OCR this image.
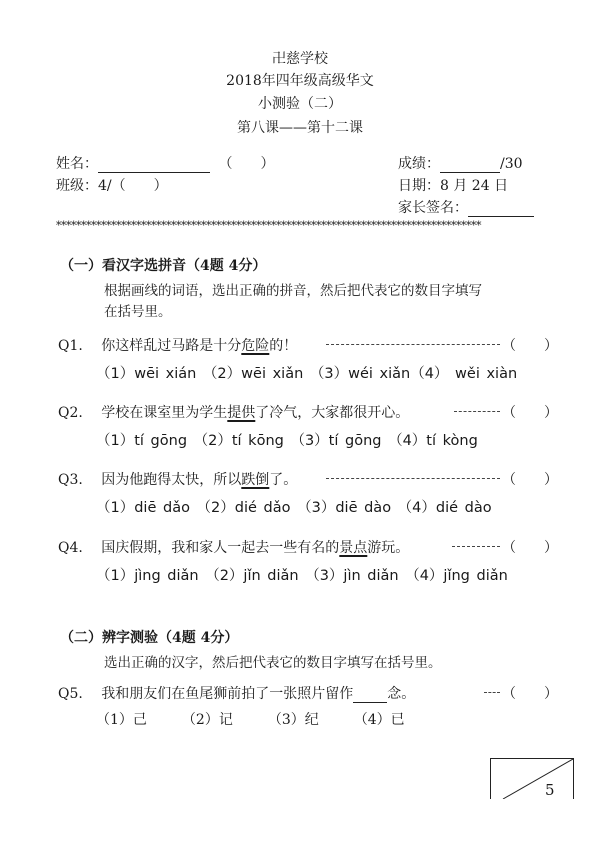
卍慈学校
2018年四年级高级华文
小测验（二）
第八课——第十二课
姓名：	（　　）
班级：4/（　　）
成绩：	/30
日期：8 月 24 日
家长签名：
*************************************************************************************
（一）看汉字选拼音（4题 4分）
根据画线的词语，选出正确的拼音，然后把代表它的数目字填写
在括号里。
Q1. 你这样乱过马路是十分危险的！	（　　）
（1）wēi xián （2）wēi xiǎn （3）wéi xiǎn（4） wěi xiàn
Q2. 学校在课室里为学生提供了冷气，大家都很开心。	（　　）
（1）tí gōng （2）tí kōng （3）tí gōng （4）tí kòng
Q3. 因为他跑得太快，所以跌倒了。	（　　）
（1）diē dǎo （2）dié dǎo （3）diē dào （4）dié dào
Q4. 国庆假期，我和家人一起去一些有名的景点游玩。	（　　）
（1）jìng diǎn （2）jǐn diǎn （3）jìn diǎn （4）jǐng diǎn
（二）辨字测验（4题 4分）
选出正确的汉字，然后把代表它的数目字填写在括号里。
Q5. 我和朋友们在鱼尾狮前拍了一张照片留作 念。	（　　）
（1）己　　　（2）记　　　（3）纪　　　（4）已
5
